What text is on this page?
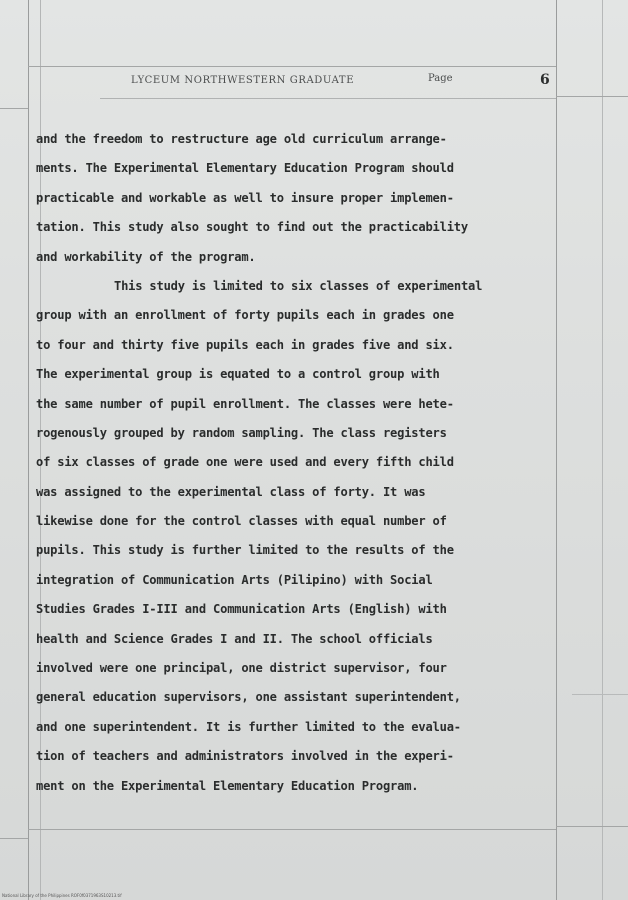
LYCEUM NORTHWESTERN GRADUATE	Page	6
and the freedom to restructure age old curriculum arrange-
ments. The Experimental Elementary Education Program should
practicable and workable as well to insure proper implemen-
tation. This study also sought to find out the practicability
and workability of the program.
This study is limited to six classes of experimental
group with an enrollment of forty pupils each in grades one
to four and thirty five pupils each in grades five and six.
The experimental group is equated to a control group with
the same number of pupil enrollment. The classes were hete-
rogenously grouped by random sampling. The class registers
of six classes of grade one were used and every fifth child
was assigned to the experimental class of forty. It was
likewise done for the control classes with equal number of
pupils. This study is further limited to the results of the
integration of Communication Arts (Pilipino) with Social
Studies Grades I-III and Communication Arts (English) with
health and Science Grades I and II. The school officials
involved were one principal, one district supervisor, four
general education supervisors, one assistant superintendent,
and one superintendent. It is further limited to the evalua-
tion of teachers and administrators involved in the experi-
ment on the Experimental Elementary Education Program.
National Library of the Philippines ROF0f0371963S10213.tif
